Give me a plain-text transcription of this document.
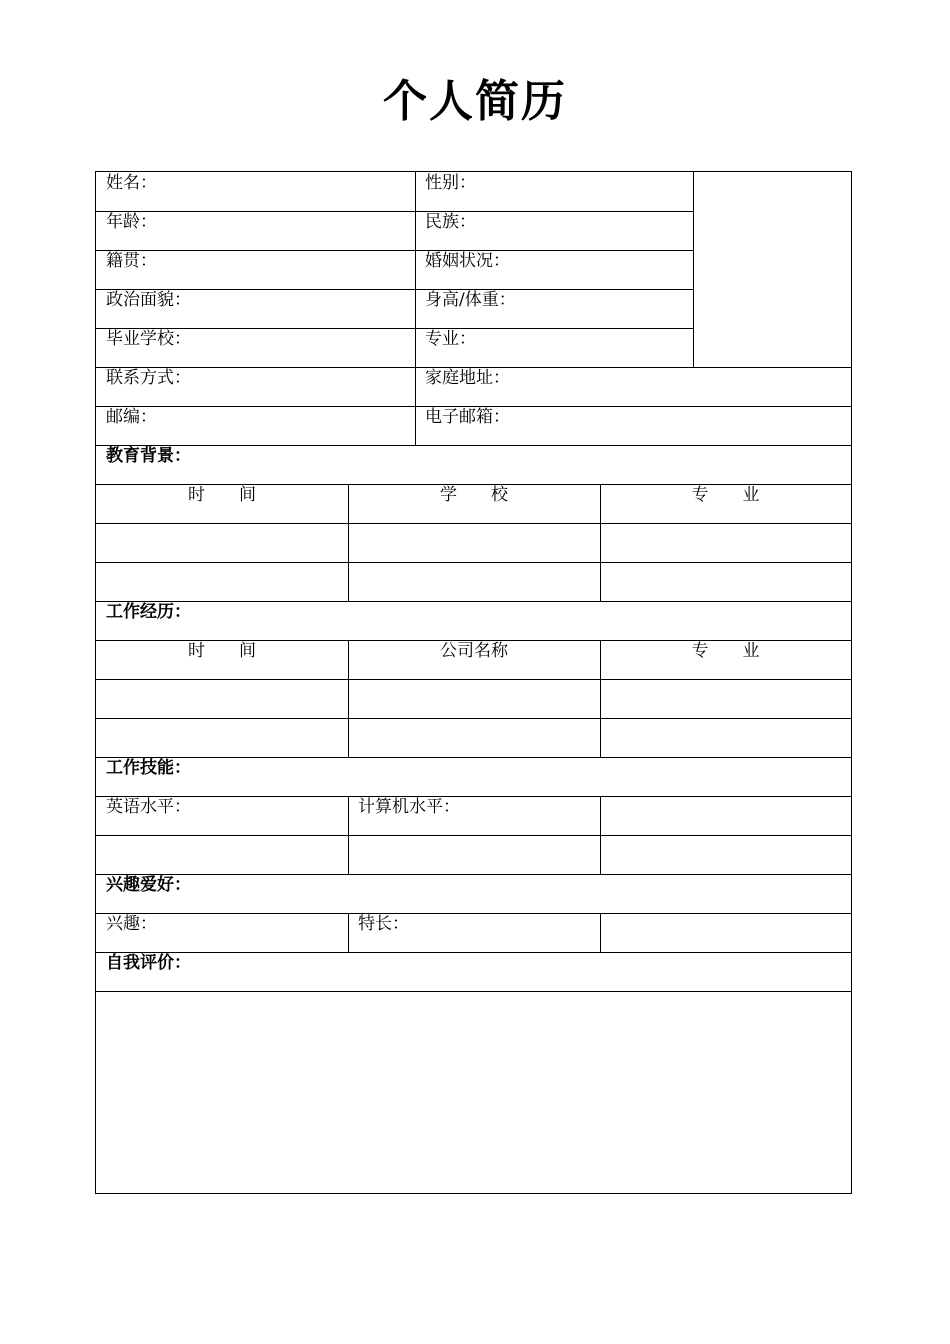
个人简历
姓名：	性别：
年龄：	民族：
籍贯：	婚姻状况：
政治面貌：	身高/体重：
毕业学校：	专业：
联系方式：	家庭地址：
邮编：	电子邮箱：
教育背景：
时　　间	学　　校	专　　业
工作经历：
时　　间	公司名称	专　　业
工作技能：
英语水平：	计算机水平：
兴趣爱好：
兴趣：	特长：
自我评价：
